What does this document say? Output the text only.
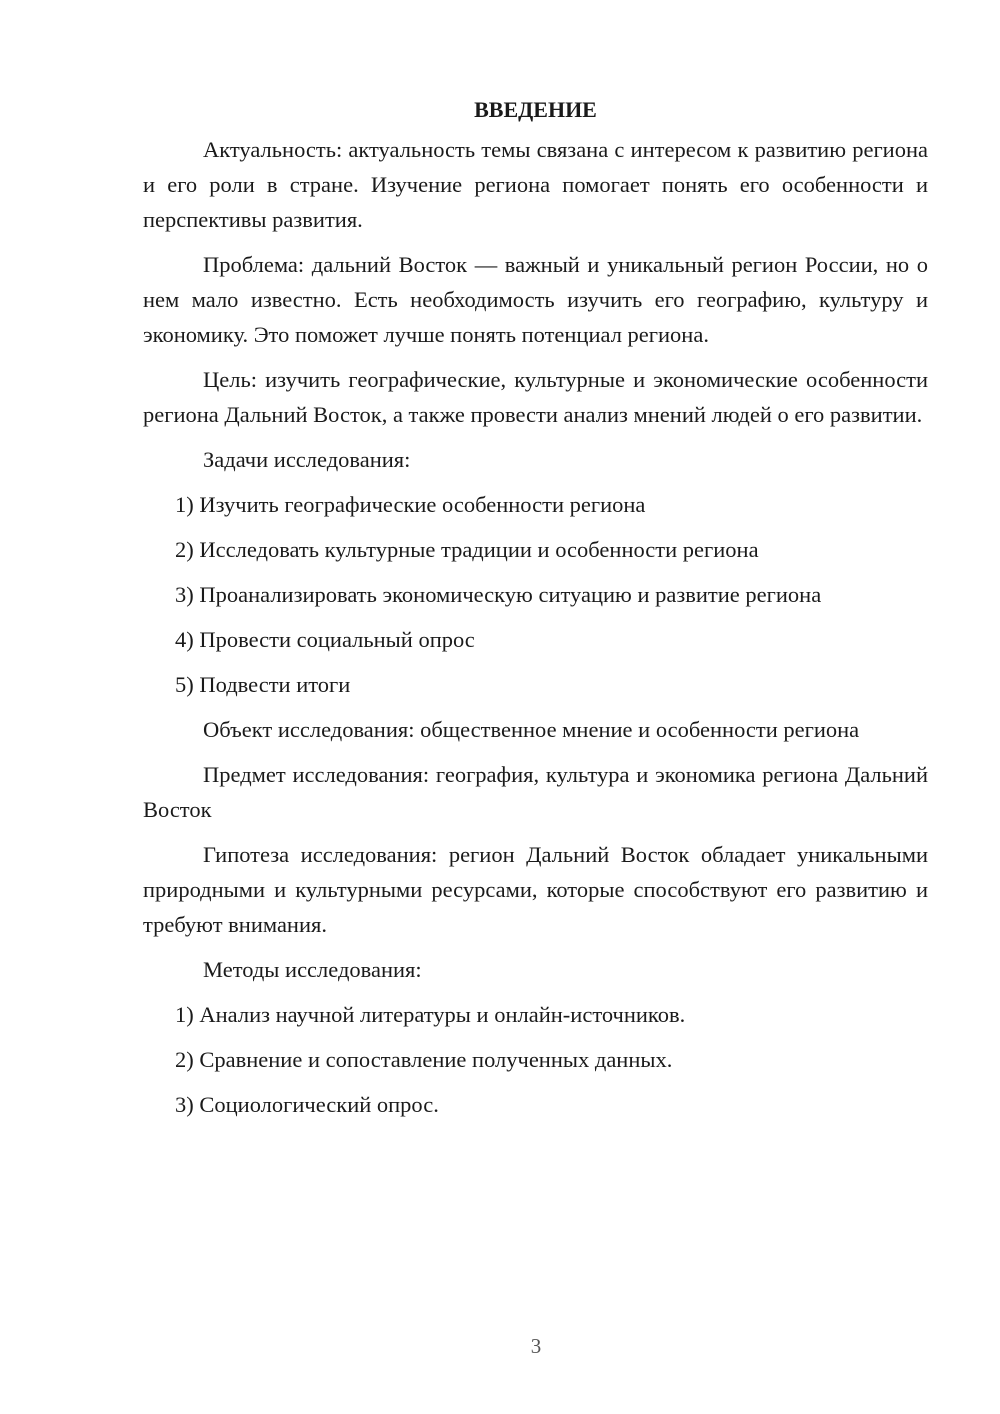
ВВЕДЕНИЕ

Актуальность: актуальность темы связана с интересом к развитию региона и его роли в стране. Изучение региона помогает понять его особенности и перспективы развития.

Проблема: дальний Восток — важный и уникальный регион России, но о нем мало известно. Есть необходимость изучить его географию, культуру и экономику. Это поможет лучше понять потенциал региона.

Цель: изучить географические, культурные и экономические особенности региона Дальний Восток, а также провести анализ мнений людей о его развитии.

Задачи исследования:

1) Изучить географические особенности региона

2) Исследовать культурные традиции и особенности региона

3) Проанализировать экономическую ситуацию и развитие региона

4) Провести социальный опрос

5) Подвести итоги

Объект исследования: общественное мнение и особенности региона

Предмет исследования: география, культура и экономика региона Дальний Восток

Гипотеза исследования: регион Дальний Восток обладает уникальными природными и культурными ресурсами, которые способствуют его развитию и требуют внимания.

Методы исследования:

1) Анализ научной литературы и онлайн-источников.

2) Сравнение и сопоставление полученных данных.

3) Социологический опрос.

3
